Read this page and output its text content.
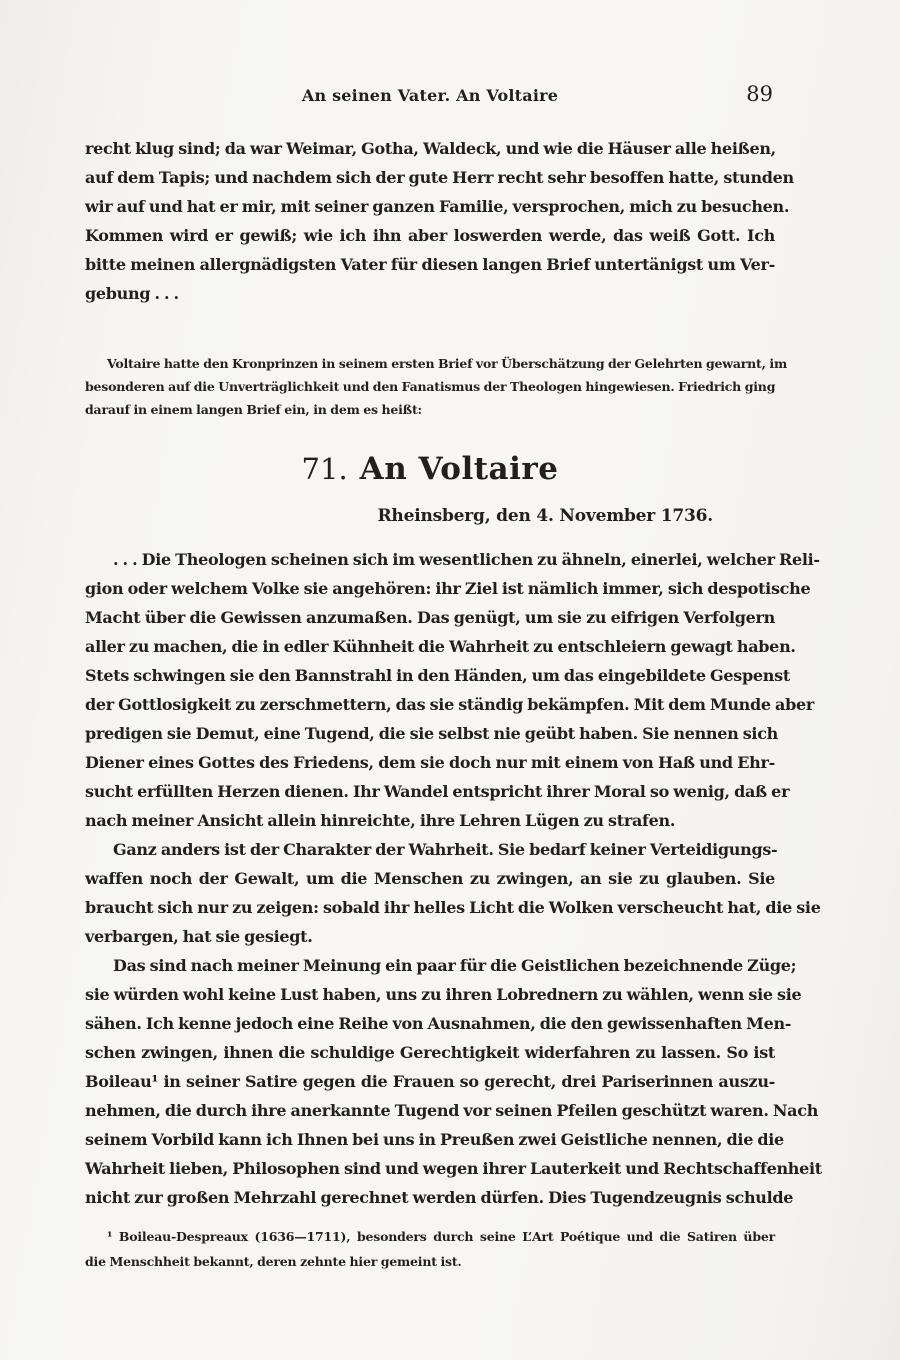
An seinen Vater. An Voltaire	89
recht klug sind; da war Weimar, Gotha, Waldeck, und wie die Häuser alle heißen,
auf dem Tapis; und nachdem sich der gute Herr recht sehr besoffen hatte, stunden
wir auf und hat er mir, mit seiner ganzen Familie, versprochen, mich zu besuchen.
Kommen wird er gewiß; wie ich ihn aber loswerden werde, das weiß Gott. Ich
bitte meinen allergnädigsten Vater für diesen langen Brief untertänigst um Ver-
gebung . . .
Voltaire hatte den Kronprinzen in seinem ersten Brief vor Überschätzung der Gelehrten gewarnt, im
besonderen auf die Unverträglichkeit und den Fanatismus der Theologen hingewiesen. Friedrich ging
darauf in einem langen Brief ein, in dem es heißt:
71. An Voltaire
Rheinsberg, den 4. November 1736.
. . . Die Theologen scheinen sich im wesentlichen zu ähneln, einerlei, welcher Reli-
gion oder welchem Volke sie angehören: ihr Ziel ist nämlich immer, sich despotische
Macht über die Gewissen anzumaßen. Das genügt, um sie zu eifrigen Verfolgern
aller zu machen, die in edler Kühnheit die Wahrheit zu entschleiern gewagt haben.
Stets schwingen sie den Bannstrahl in den Händen, um das eingebildete Gespenst
der Gottlosigkeit zu zerschmettern, das sie ständig bekämpfen. Mit dem Munde aber
predigen sie Demut, eine Tugend, die sie selbst nie geübt haben. Sie nennen sich
Diener eines Gottes des Friedens, dem sie doch nur mit einem von Haß und Ehr-
sucht erfüllten Herzen dienen. Ihr Wandel entspricht ihrer Moral so wenig, daß er
nach meiner Ansicht allein hinreichte, ihre Lehren Lügen zu strafen.
Ganz anders ist der Charakter der Wahrheit. Sie bedarf keiner Verteidigungs-
waffen noch der Gewalt, um die Menschen zu zwingen, an sie zu glauben. Sie
braucht sich nur zu zeigen: sobald ihr helles Licht die Wolken verscheucht hat, die sie
verbargen, hat sie gesiegt.
Das sind nach meiner Meinung ein paar für die Geistlichen bezeichnende Züge;
sie würden wohl keine Lust haben, uns zu ihren Lobrednern zu wählen, wenn sie sie
sähen. Ich kenne jedoch eine Reihe von Ausnahmen, die den gewissenhaften Men-
schen zwingen, ihnen die schuldige Gerechtigkeit widerfahren zu lassen. So ist
Boileau¹ in seiner Satire gegen die Frauen so gerecht, drei Pariserinnen auszu-
nehmen, die durch ihre anerkannte Tugend vor seinen Pfeilen geschützt waren. Nach
seinem Vorbild kann ich Ihnen bei uns in Preußen zwei Geistliche nennen, die die
Wahrheit lieben, Philosophen sind und wegen ihrer Lauterkeit und Rechtschaffenheit
nicht zur großen Mehrzahl gerechnet werden dürfen. Dies Tugendzeugnis schulde
¹ Boileau-Despreaux (1636—1711), besonders durch seine L’Art Poétique und die Satiren über
die Menschheit bekannt, deren zehnte hier gemeint ist.
